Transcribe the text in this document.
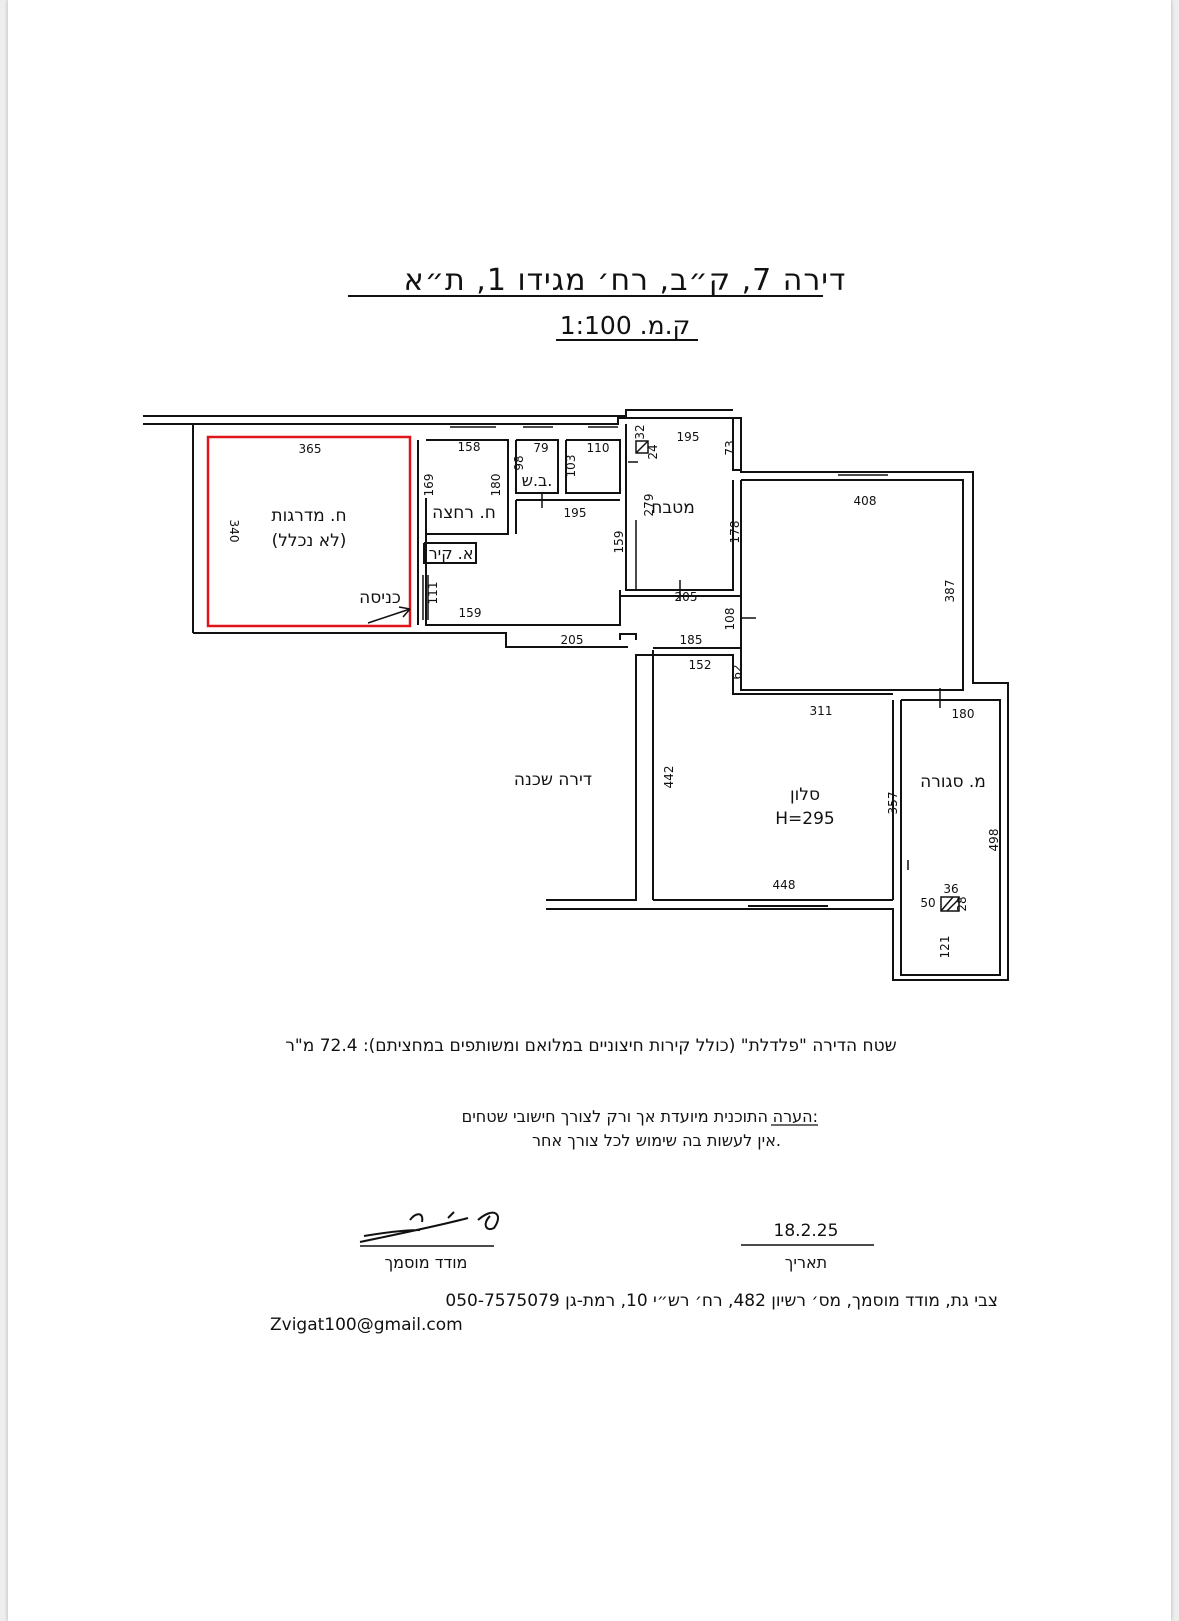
דירה 7, ק״ב, רח׳ מגידו 1, ת״א
ק.מ. 1:100
ח. מדרגות
(לא נכלל)
ח. רחצה
ב.ש.
א. קיר
כניסה
מטבח
סלון
H=295
מ. סגורה
דירה שכנה
365
340
158
169	180
79
98
110
103
195
32
24	73
279
178
195
159
111
159
205
205	185
152 62
108
408
387
311	180
442
357
448
498
36
50 28
121
שטח הדירה "פלדלת" (כולל קירות חיצוניים במלואם ומשותפים במחציתם): 72.4 מ"ר
הערה:
התוכנית מיועדת אך ורק לצורך חישובי שטחים
אין לעשות בה שימוש לכל צורך אחר.
מודד מוסמך
18.2.25
תאריך
צבי גת, מודד מוסמך, מס׳ רשיון 482, רח׳ רש״י 10, רמת-גן 050-7575079
Zvigat100@gmail.com
